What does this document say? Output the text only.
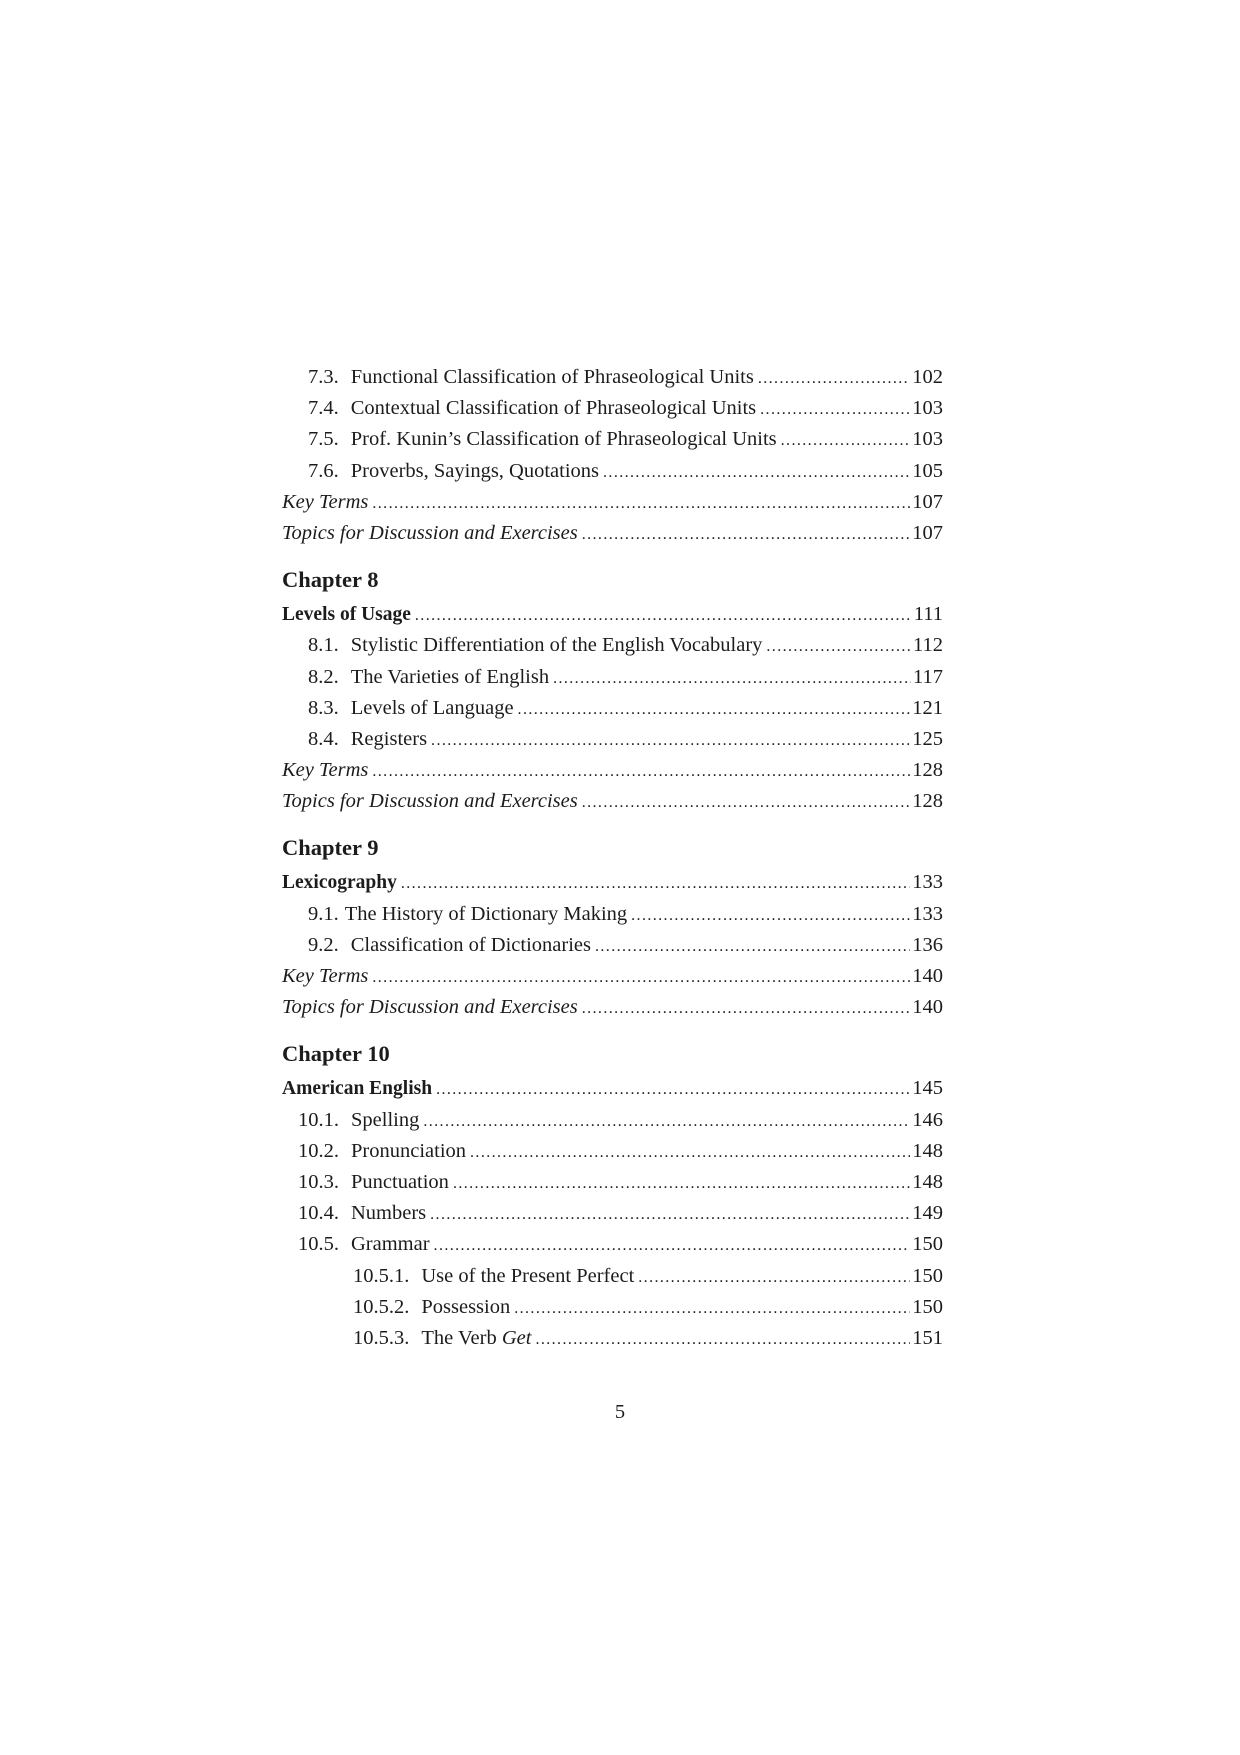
7.3. Functional Classification of Phraseological Units .....	102
7.4. Contextual Classification of Phraseological Units .....	103
7.5. Prof. Kunin’s Classification of Phraseological Units .....	103
7.6. Proverbs, Sayings, Quotations .....	105
Key Terms .....	107
Topics for Discussion and Exercises .....	107
Chapter 8
Levels of Usage .....	111
8.1. Stylistic Differentiation of the English Vocabulary .....	112
8.2. The Varieties of English .....	117
8.3. Levels of Language .....	121
8.4. Registers .....	125
Key Terms .....	128
Topics for Discussion and Exercises .....	128
Chapter 9
Lexicography .....	133
9.1. The History of Dictionary Making .....	133
9.2. Classification of Dictionaries .....	136
Key Terms .....	140
Topics for Discussion and Exercises .....	140
Chapter 10
American English .....	145
10.1. Spelling .....	146
10.2. Pronunciation .....	148
10.3. Punctuation .....	148
10.4. Numbers .....	149
10.5. Grammar .....	150
10.5.1. Use of the Present Perfect .....	150
10.5.2. Possession .....	150
10.5.3. The Verb Get .....	151
5
